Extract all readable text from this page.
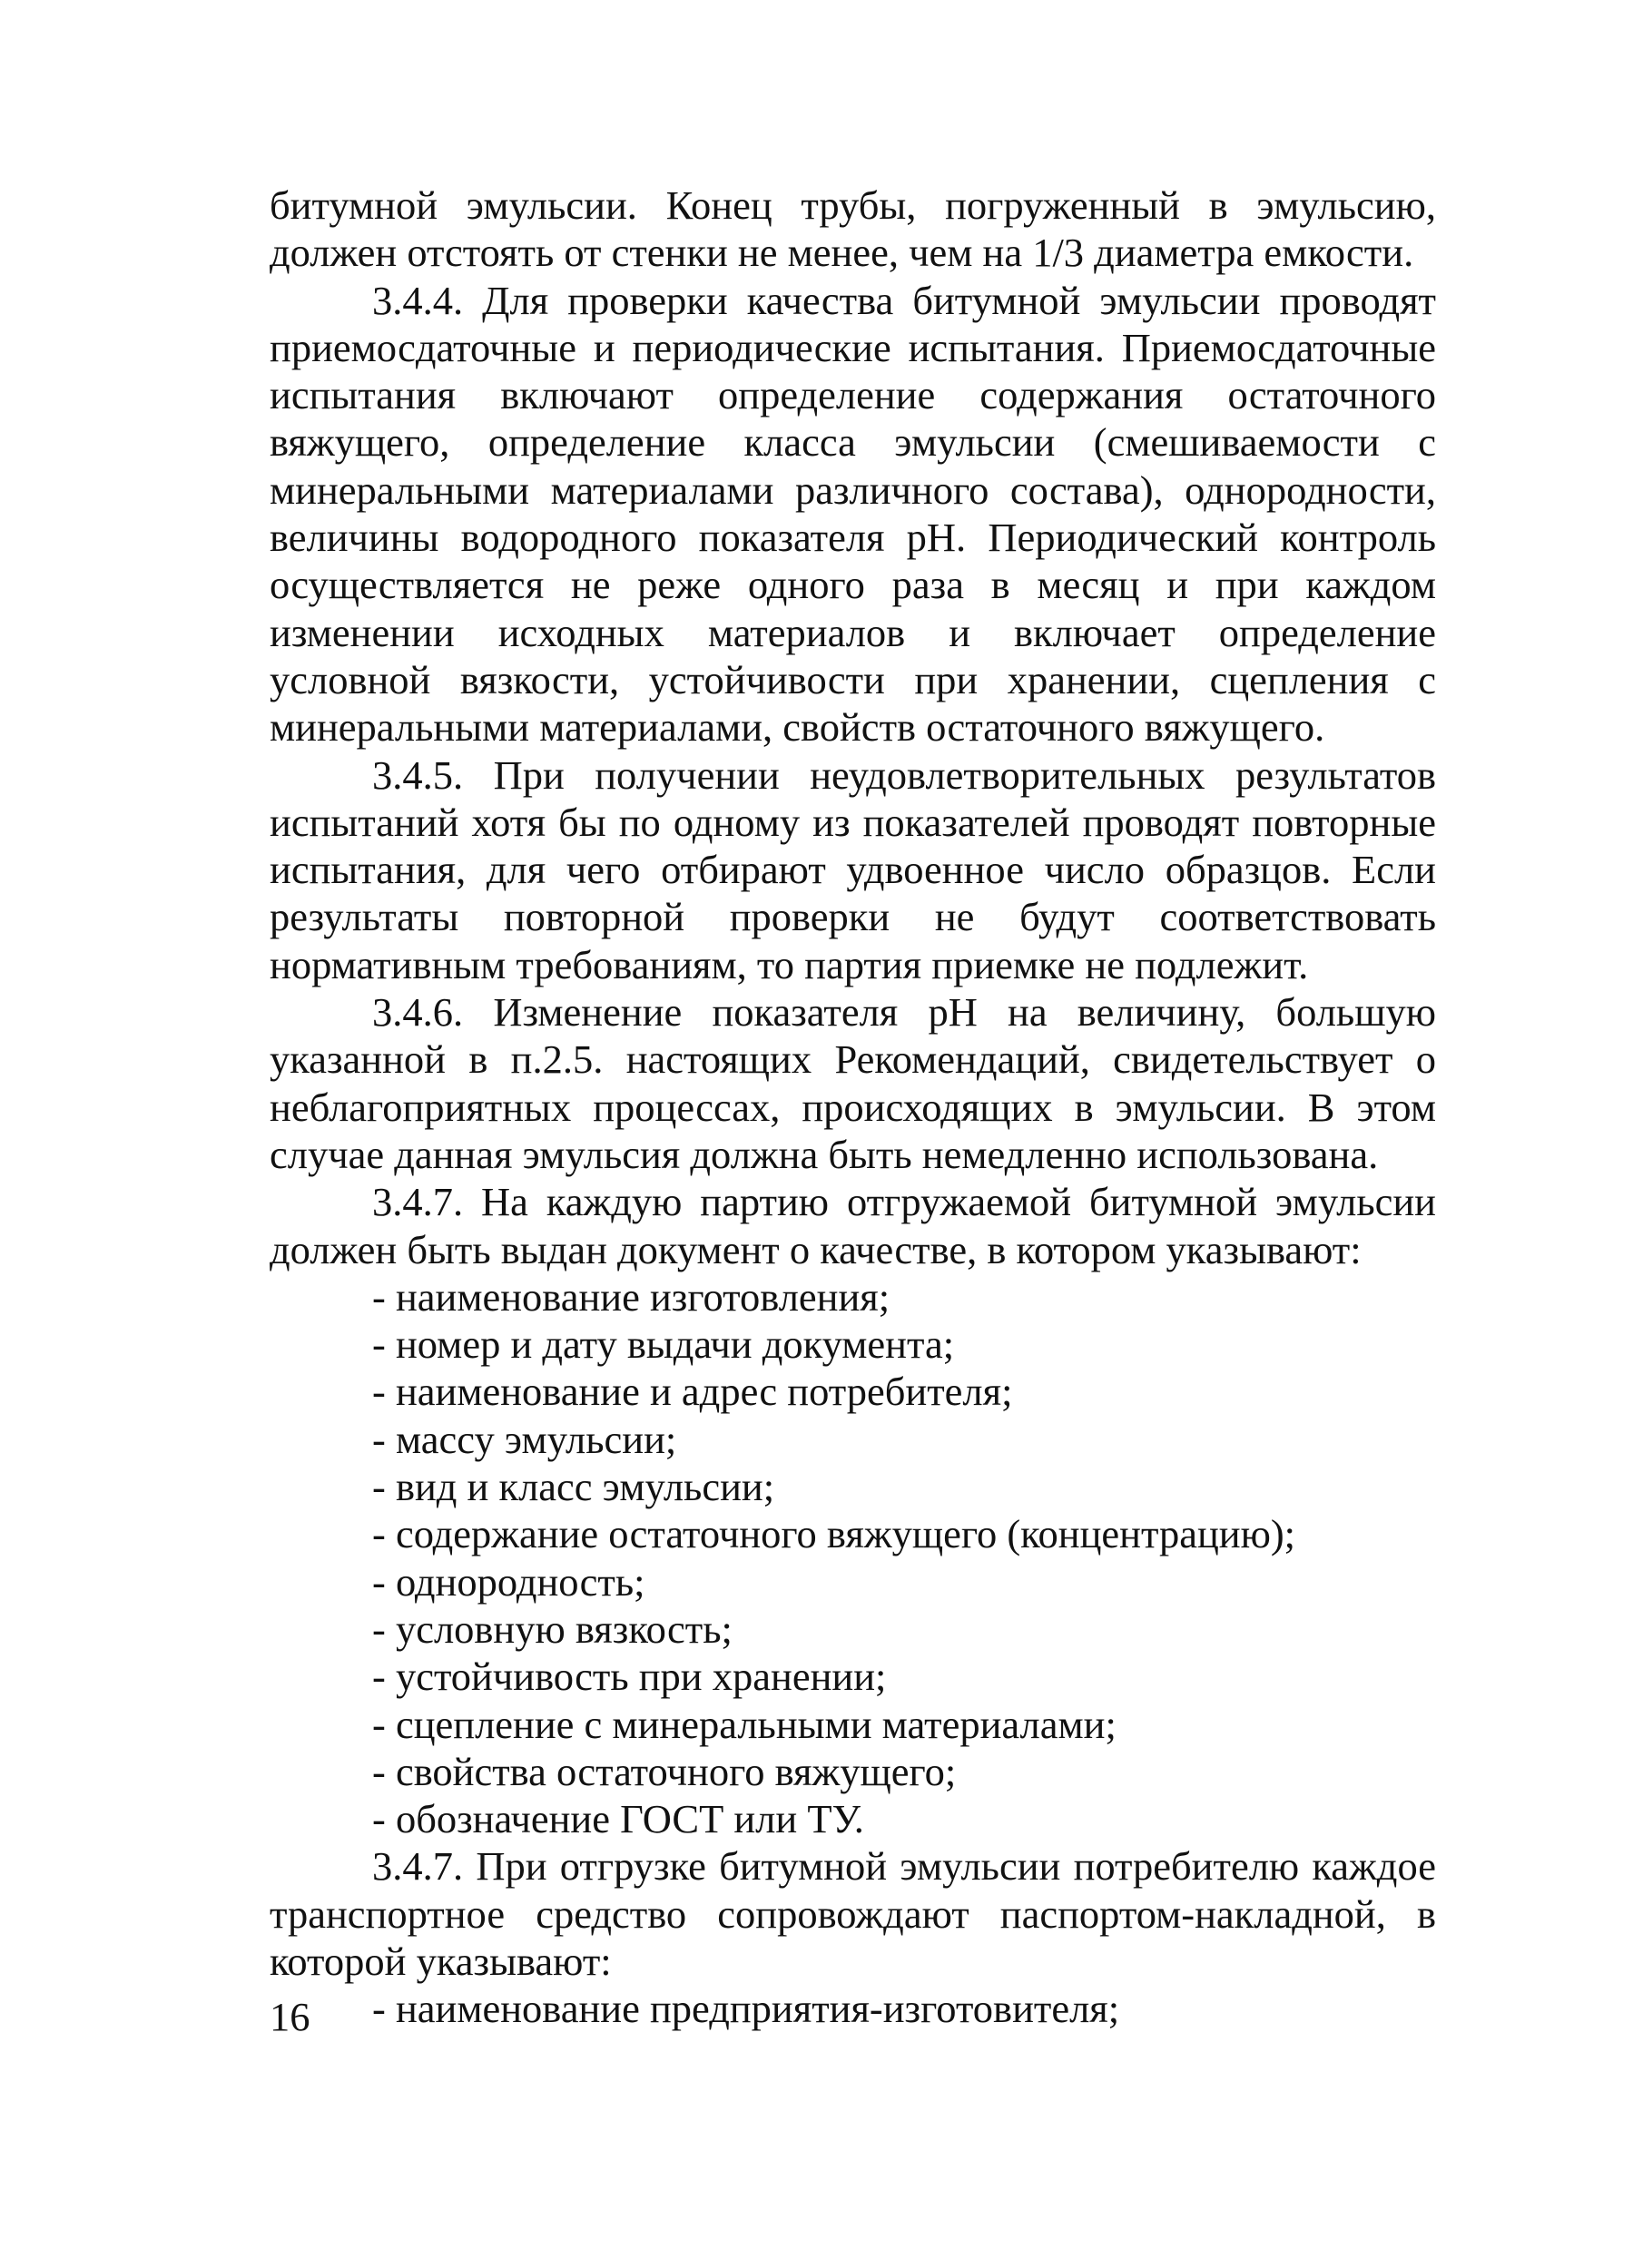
битумной эмульсии. Конец трубы, погруженный в эмульсию, должен отстоять от стенки не менее, чем на 1/3 диаметра емкости.

3.4.4. Для проверки качества битумной эмульсии проводят приемосдаточные и периодические испытания. Приемосдаточные испытания включают определение содержания остаточного вяжущего, определение класса эмульсии (смешиваемости с минеральными материалами различного состава), однородности, величины водородного показателя рН. Периодический контроль осуществляется не реже одного раза в месяц и при каждом изменении исходных материалов и включает определение условной вязкости, устойчивости при хранении, сцепления с минеральными материалами, свойств остаточного вяжущего.

3.4.5. При получении неудовлетворительных результатов испытаний хотя бы по одному из показателей проводят повторные испытания, для чего отбирают удвоенное число образцов. Если результаты повторной проверки не будут соответствовать нормативным требованиям, то партия приемке не подлежит.

3.4.6. Изменение показателя рН на величину, большую указанной в п.2.5. настоящих Рекомендаций, свидетельствует о неблагоприятных процессах, происходящих в эмульсии. В этом случае данная эмульсия должна быть немедленно использована.

3.4.7. На каждую партию отгружаемой битумной эмульсии должен быть выдан документ о качестве, в котором указывают:

- наименование изготовления;
- номер и дату выдачи документа;
- наименование и адрес потребителя;
- массу эмульсии;
- вид и класс эмульсии;
- содержание остаточного вяжущего (концентрацию);
- однородность;
- условную вязкость;
- устойчивость при хранении;
- сцепление с минеральными материалами;
- свойства остаточного вяжущего;
- обозначение ГОСТ или ТУ.

3.4.7. При отгрузке битумной эмульсии потребителю каждое транспортное средство сопровождают паспортом-накладной, в которой указывают:

- наименование предприятия-изготовителя;
16
